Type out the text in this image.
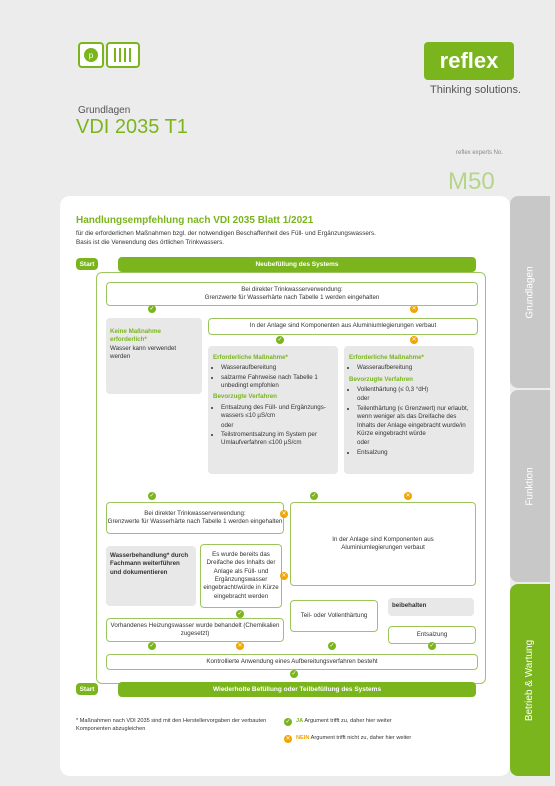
p	reflex
Thinking solutions.
Grundlagen
VDI 2035 T1
reflex experts No.
M50
Grundlagen
Funktion
Betrieb & Wartung
Handlungsempfehlung nach VDI 2035 Blatt 1/2021
für die erforderlichen Maßnahmen bzgl. der notwendigen Beschaffenheit des Füll- und Ergänzungswassers.
Basis ist die Verwendung des örtlichen Trinkwassers.
Start	Neubefüllung des Systems
Bei direkter Trinkwasserverwendung:
Grenzwerte für Wasserhärte nach Tabelle 1 werden eingehalten
✓	✕
In der Anlage sind Komponenten aus Aluminiumlegierungen verbaut
✓	✕
Keine Maßnahme erforderlich*
Wasser kann verwendet werden	Erforderliche Maßnahme*
• Wasseraufbereitung
• salzarme Fahrweise nach Tabelle 1 unbedingt empfohlen
Bevorzugte Verfahren
• Entsalzung des Füll- und Ergänzungs-wassers ≤10 µS/cm
oder
• Teilstromentsalzung im System per Umlaufverfahren ≤100 µS/cm
Erforderliche Maßnahme*
• Wasseraufbereitung
Bevorzugte Verfahren
• Vollenthärtung (≤ 0,3 °dH)
oder
• Teilenthärtung (≤ Grenzwert) nur erlaubt, wenn weniger als das Dreifache des Inhalts der Anlage eingebracht wurde/in Kürze eingebracht würde
oder
• Entsalzung
✓	✓	✕
Bei direkter Trinkwasserverwendung:
Grenzwerte für Wasserhärte nach Tabelle 1 werden eingehalten
✕
In der Anlage sind Komponenten aus Aluminiumlegierungen verbaut
Wasserbehandlung* durch Fachmann weiterführen und dokumentieren
Es wurde bereits das Dreifache des Inhalts der Anlage als Füll- und Ergänzungswasser eingebracht/würde in Kürze eingebracht werden
✓
✕
Vorhandenes Heizungswasser wurde behandelt (Chemikalien zugesetzt)
Teil- oder Vollenthärtung
beibehalten
Entsalzung
✓	✕	✓	✓
Kontrollierte Anwendung eines Aufbereitungsverfahren besteht
✓
Start	Wiederholte Befüllung oder Teilbefüllung des Systems
* Maßnahmen nach VDI 2035 sind mit den Herstellervorgaben der verbauten Komponenten abzugleichen
✓ JA Argument trifft zu, daher hier weiter
✕ NEIN Argument trifft nicht zu, daher hier weiter
